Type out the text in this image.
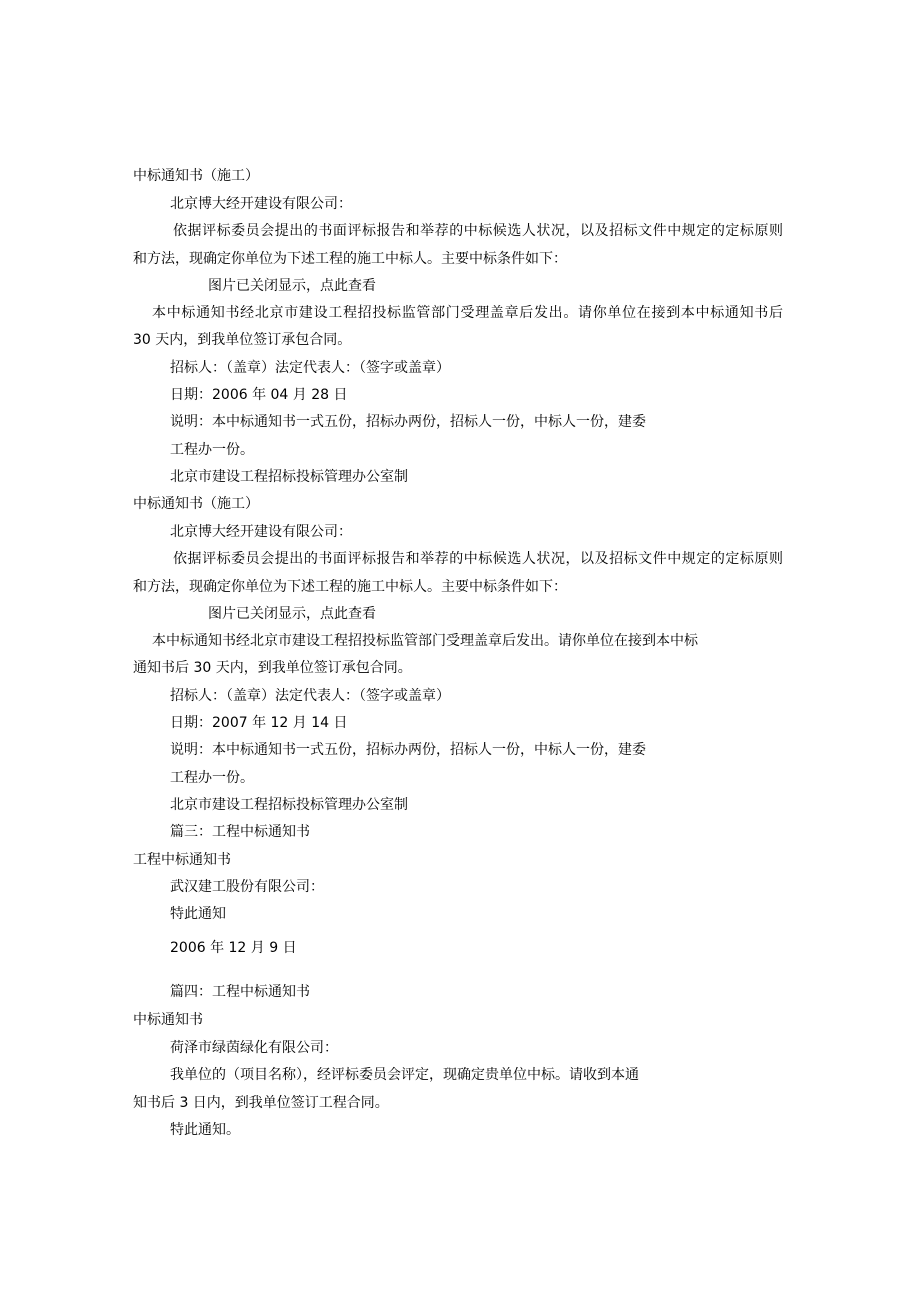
中标通知书（施工）

北京博大经开建设有限公司：

依据评标委员会提出的书面评标报告和举荐的中标候选人状况，以及招标文件中规定的定标原则

和方法，现确定你单位为下述工程的施工中标人。主要中标条件如下：

图片已关闭显示，点此查看

本中标通知书经北京市建设工程招投标监管部门受理盖章后发出。请你单位在接到本中标通知书后

30 天内，到我单位签订承包合同。

招标人：（盖章）法定代表人：（签字或盖章）

日期：2006 年 04 月 28 日

说明：本中标通知书一式五份，招标办两份，招标人一份，中标人一份，建委

工程办一份。

北京市建设工程招标投标管理办公室制

中标通知书（施工）

北京博大经开建设有限公司：

依据评标委员会提出的书面评标报告和举荐的中标候选人状况，以及招标文件中规定的定标原则

和方法，现确定你单位为下述工程的施工中标人。主要中标条件如下：

图片已关闭显示，点此查看

本中标通知书经北京市建设工程招投标监管部门受理盖章后发出。请你单位在接到本中标

通知书后 30 天内，到我单位签订承包合同。

招标人：（盖章）法定代表人：（签字或盖章）

日期：2007 年 12 月 14 日

说明：本中标通知书一式五份，招标办两份，招标人一份，中标人一份，建委

工程办一份。

北京市建设工程招标投标管理办公室制

篇三：工程中标通知书

工程中标通知书

武汉建工股份有限公司：

特此通知

2006 年 12 月 9 日

篇四：工程中标通知书

中标通知书

荷泽市绿茵绿化有限公司：

我单位的（项目名称），经评标委员会评定，现确定贵单位中标。请收到本通

知书后 3 日内，到我单位签订工程合同。

特此通知。
